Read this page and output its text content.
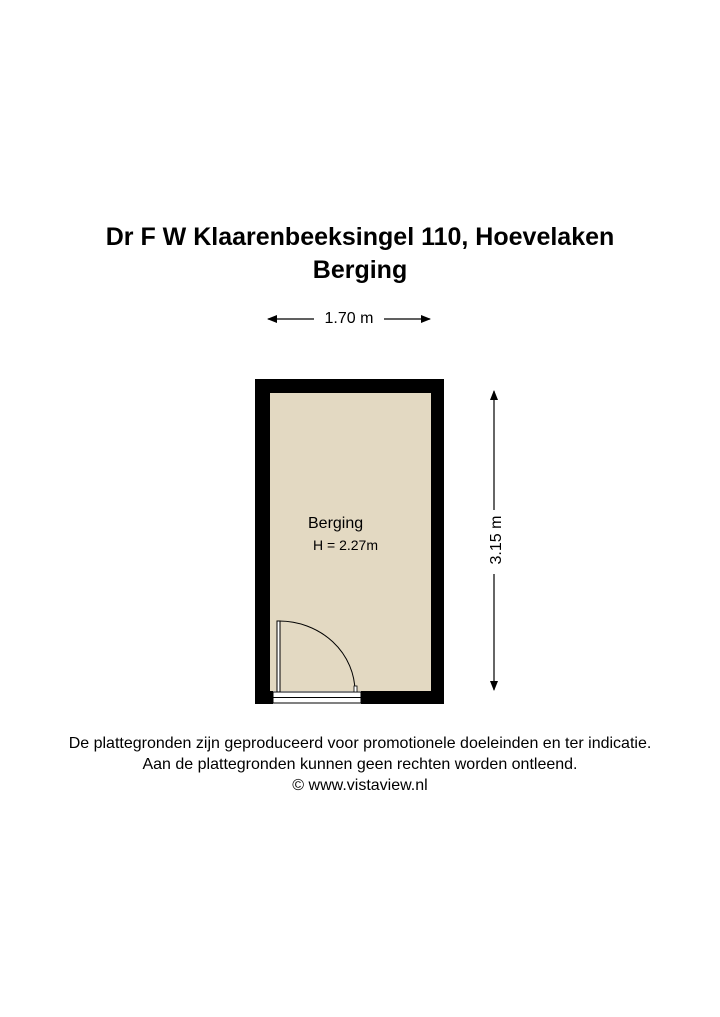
Dr F W Klaarenbeeksingel 110, Hoevelaken
Berging
1.70 m
3.15 m
Berging
H = 2.27m
De plattegronden zijn geproduceerd voor promotionele doeleinden en ter indicatie.
Aan de plattegronden kunnen geen rechten worden ontleend.
© www.vistaview.nl
